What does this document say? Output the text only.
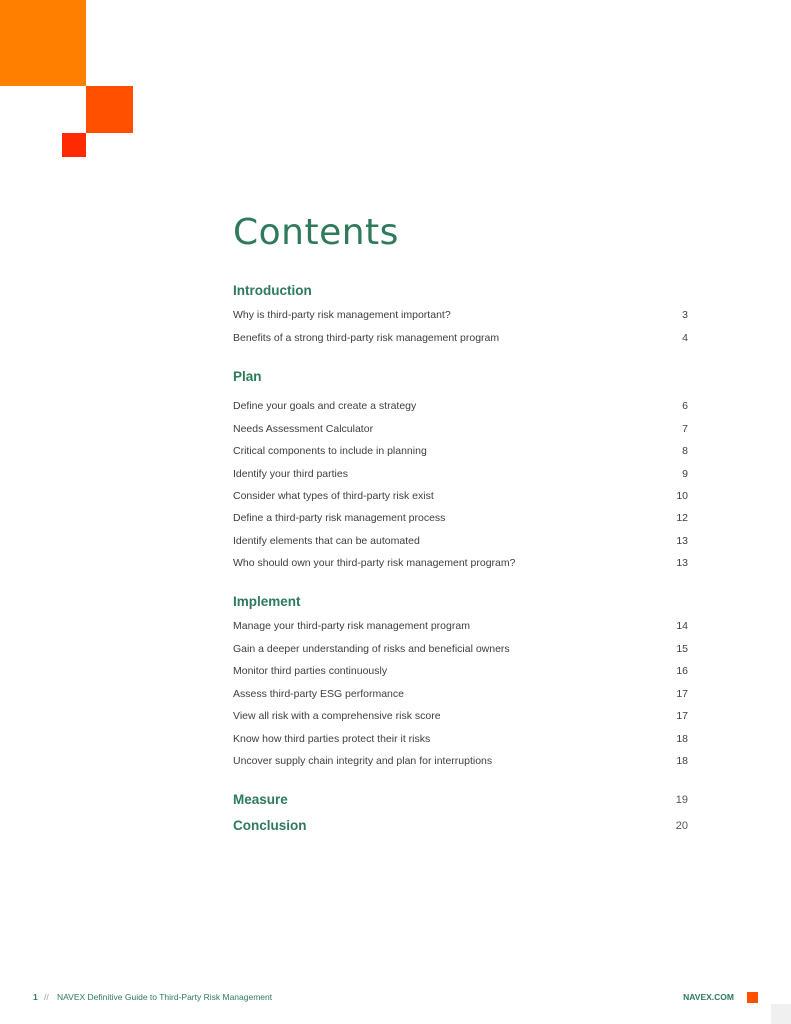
Contents
Introduction
Why is third-party risk management important?	3
Benefits of a strong third-party risk management program	4
Plan
Define your goals and create a strategy	6
Needs Assessment Calculator	7
Critical components to include in planning	8
Identify your third parties	9
Consider what types of third-party risk exist	10
Define a third-party risk management process	12
Identify elements that can be automated	13
Who should own your third-party risk management program?	13
Implement
Manage your third-party risk management program	14
Gain a deeper understanding of risks and beneficial owners	15
Monitor third parties continuously	16
Assess third-party ESG performance	17
View all risk with a comprehensive risk score	17
Know how third parties protect their it risks	18
Uncover supply chain integrity and plan for interruptions	18
Measure	19
Conclusion	20
1 // NAVEX Definitive Guide to Third-Party Risk Management	NAVEX.COM
